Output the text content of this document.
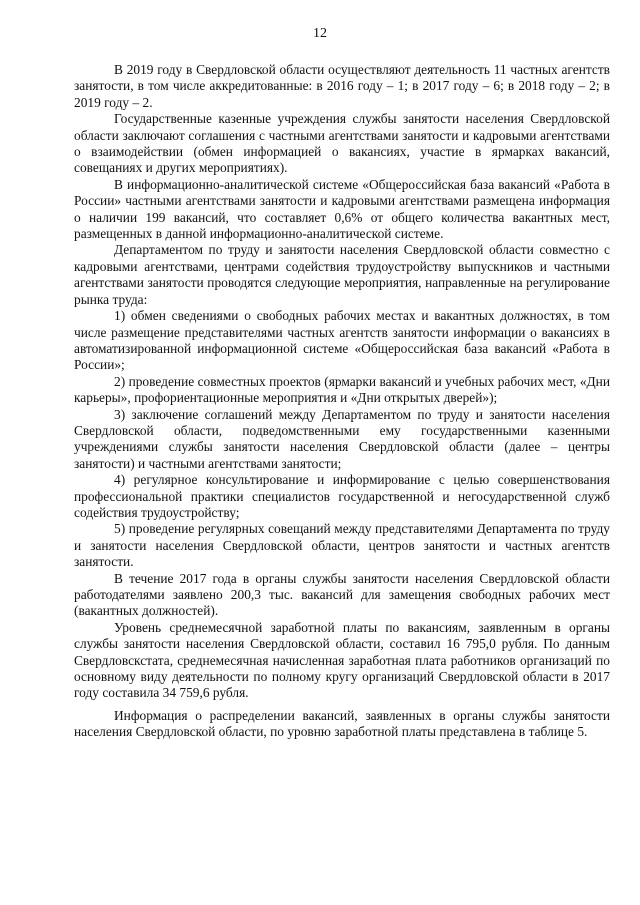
12

В 2019 году в Свердловской области осуществляют деятельность 11 частных агентств занятости, в том числе аккредитованные: в 2016 году – 1; в 2017 году – 6; в 2018 году – 2; в 2019 году – 2.

Государственные казенные учреждения службы занятости населения Свердловской области заключают соглашения с частными агентствами занятости и кадровыми агентствами о взаимодействии (обмен информацией о вакансиях, участие в ярмарках вакансий, совещаниях и других мероприятиях).

В информационно-аналитической системе «Общероссийская база вакансий «Работа в России» частными агентствами занятости и кадровыми агентствами размещена информация о наличии 199 вакансий, что составляет 0,6% от общего количества вакантных мест, размещенных в данной информационно-аналитической системе.

Департаментом по труду и занятости населения Свердловской области совместно с кадровыми агентствами, центрами содействия трудоустройству выпускников и частными агентствами занятости проводятся следующие мероприятия, направленные на регулирование рынка труда:

1) обмен сведениями о свободных рабочих местах и вакантных должностях, в том числе размещение представителями частных агентств занятости информации о вакансиях в автоматизированной информационной системе «Общероссийская база вакансий «Работа в России»;

2) проведение совместных проектов (ярмарки вакансий и учебных рабочих мест, «Дни карьеры», профориентационные мероприятия и «Дни открытых дверей»);

3) заключение соглашений между Департаментом по труду и занятости населения Свердловской области, подведомственными ему государственными казенными учреждениями службы занятости населения Свердловской области (далее – центры занятости) и частными агентствами занятости;

4) регулярное консультирование и информирование с целью совершенствования профессиональной практики специалистов государственной и негосударственной служб содействия трудоустройству;

5) проведение регулярных совещаний между представителями Департамента по труду и занятости населения Свердловской области, центров занятости и частных агентств занятости.

В течение 2017 года в органы службы занятости населения Свердловской области работодателями заявлено 200,3 тыс. вакансий для замещения свободных рабочих мест (вакантных должностей).

Уровень среднемесячной заработной платы по вакансиям, заявленным в органы службы занятости населения Свердловской области, составил 16 795,0 рубля. По данным Свердловскстата, среднемесячная начисленная заработная плата работников организаций по основному виду деятельности по полному кругу организаций Свердловской области в 2017 году составила 34 759,6 рубля.

Информация о распределении вакансий, заявленных в органы службы занятости населения Свердловской области, по уровню заработной платы представлена в таблице 5.
